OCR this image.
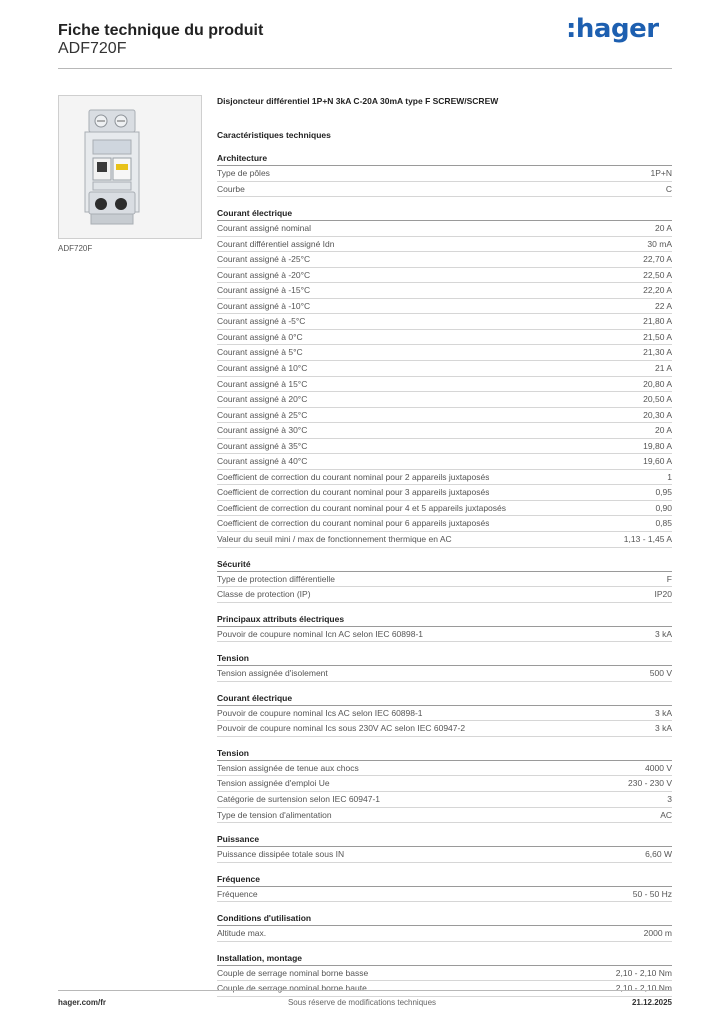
Fiche technique du produit
ADF720F
:hager
ADF720F
Disjoncteur différentiel 1P+N 3kA C-20A 30mA type F SCREW/SCREW
Caractéristiques techniques
Architecture
Type de pôles	1P+N
Courbe	C
Courant électrique
Courant assigné nominal	20 A
Courant différentiel assigné Idn	30 mA
Courant assigné à -25°C	22,70 A
Courant assigné à -20°C	22,50 A
Courant assigné à -15°C	22,20 A
Courant assigné à -10°C	22 A
Courant assigné à -5°C	21,80 A
Courant assigné à 0°C	21,50 A
Courant assigné à 5°C	21,30 A
Courant assigné à 10°C	21 A
Courant assigné à 15°C	20,80 A
Courant assigné à 20°C	20,50 A
Courant assigné à 25°C	20,30 A
Courant assigné à 30°C	20 A
Courant assigné à 35°C	19,80 A
Courant assigné à 40°C	19,60 A
Coefficient de correction du courant nominal pour 2 appareils juxtaposés	1
Coefficient de correction du courant nominal pour 3 appareils juxtaposés	0,95
Coefficient de correction du courant nominal pour 4 et 5 appareils juxtaposés	0,90
Coefficient de correction du courant nominal pour 6 appareils juxtaposés	0,85
Valeur du seuil mini / max de fonctionnement thermique en AC	1,13 - 1,45 A
Sécurité
Type de protection différentielle	F
Classe de protection (IP)	IP20
Principaux attributs électriques
Pouvoir de coupure nominal Icn AC selon IEC 60898-1	3 kA
Tension
Tension assignée d'isolement	500 V
Courant électrique
Pouvoir de coupure nominal Ics AC selon IEC 60898-1	3 kA
Pouvoir de coupure nominal Ics sous 230V AC selon IEC 60947-2	3 kA
Tension
Tension assignée de tenue aux chocs	4000 V
Tension assignée d'emploi Ue	230 - 230 V
Catégorie de surtension selon IEC 60947-1	3
Type de tension d'alimentation	AC
Puissance
Puissance dissipée totale sous IN	6,60 W
Fréquence
Fréquence	50 - 50 Hz
Conditions d'utilisation
Altitude max.	2000 m
Installation, montage
Couple de serrage nominal borne basse	2,10 - 2,10 Nm
Couple de serrage nominal borne haute	2,10 - 2,10 Nm
hager.com/fr	Sous réserve de modifications techniques	21.12.2025
